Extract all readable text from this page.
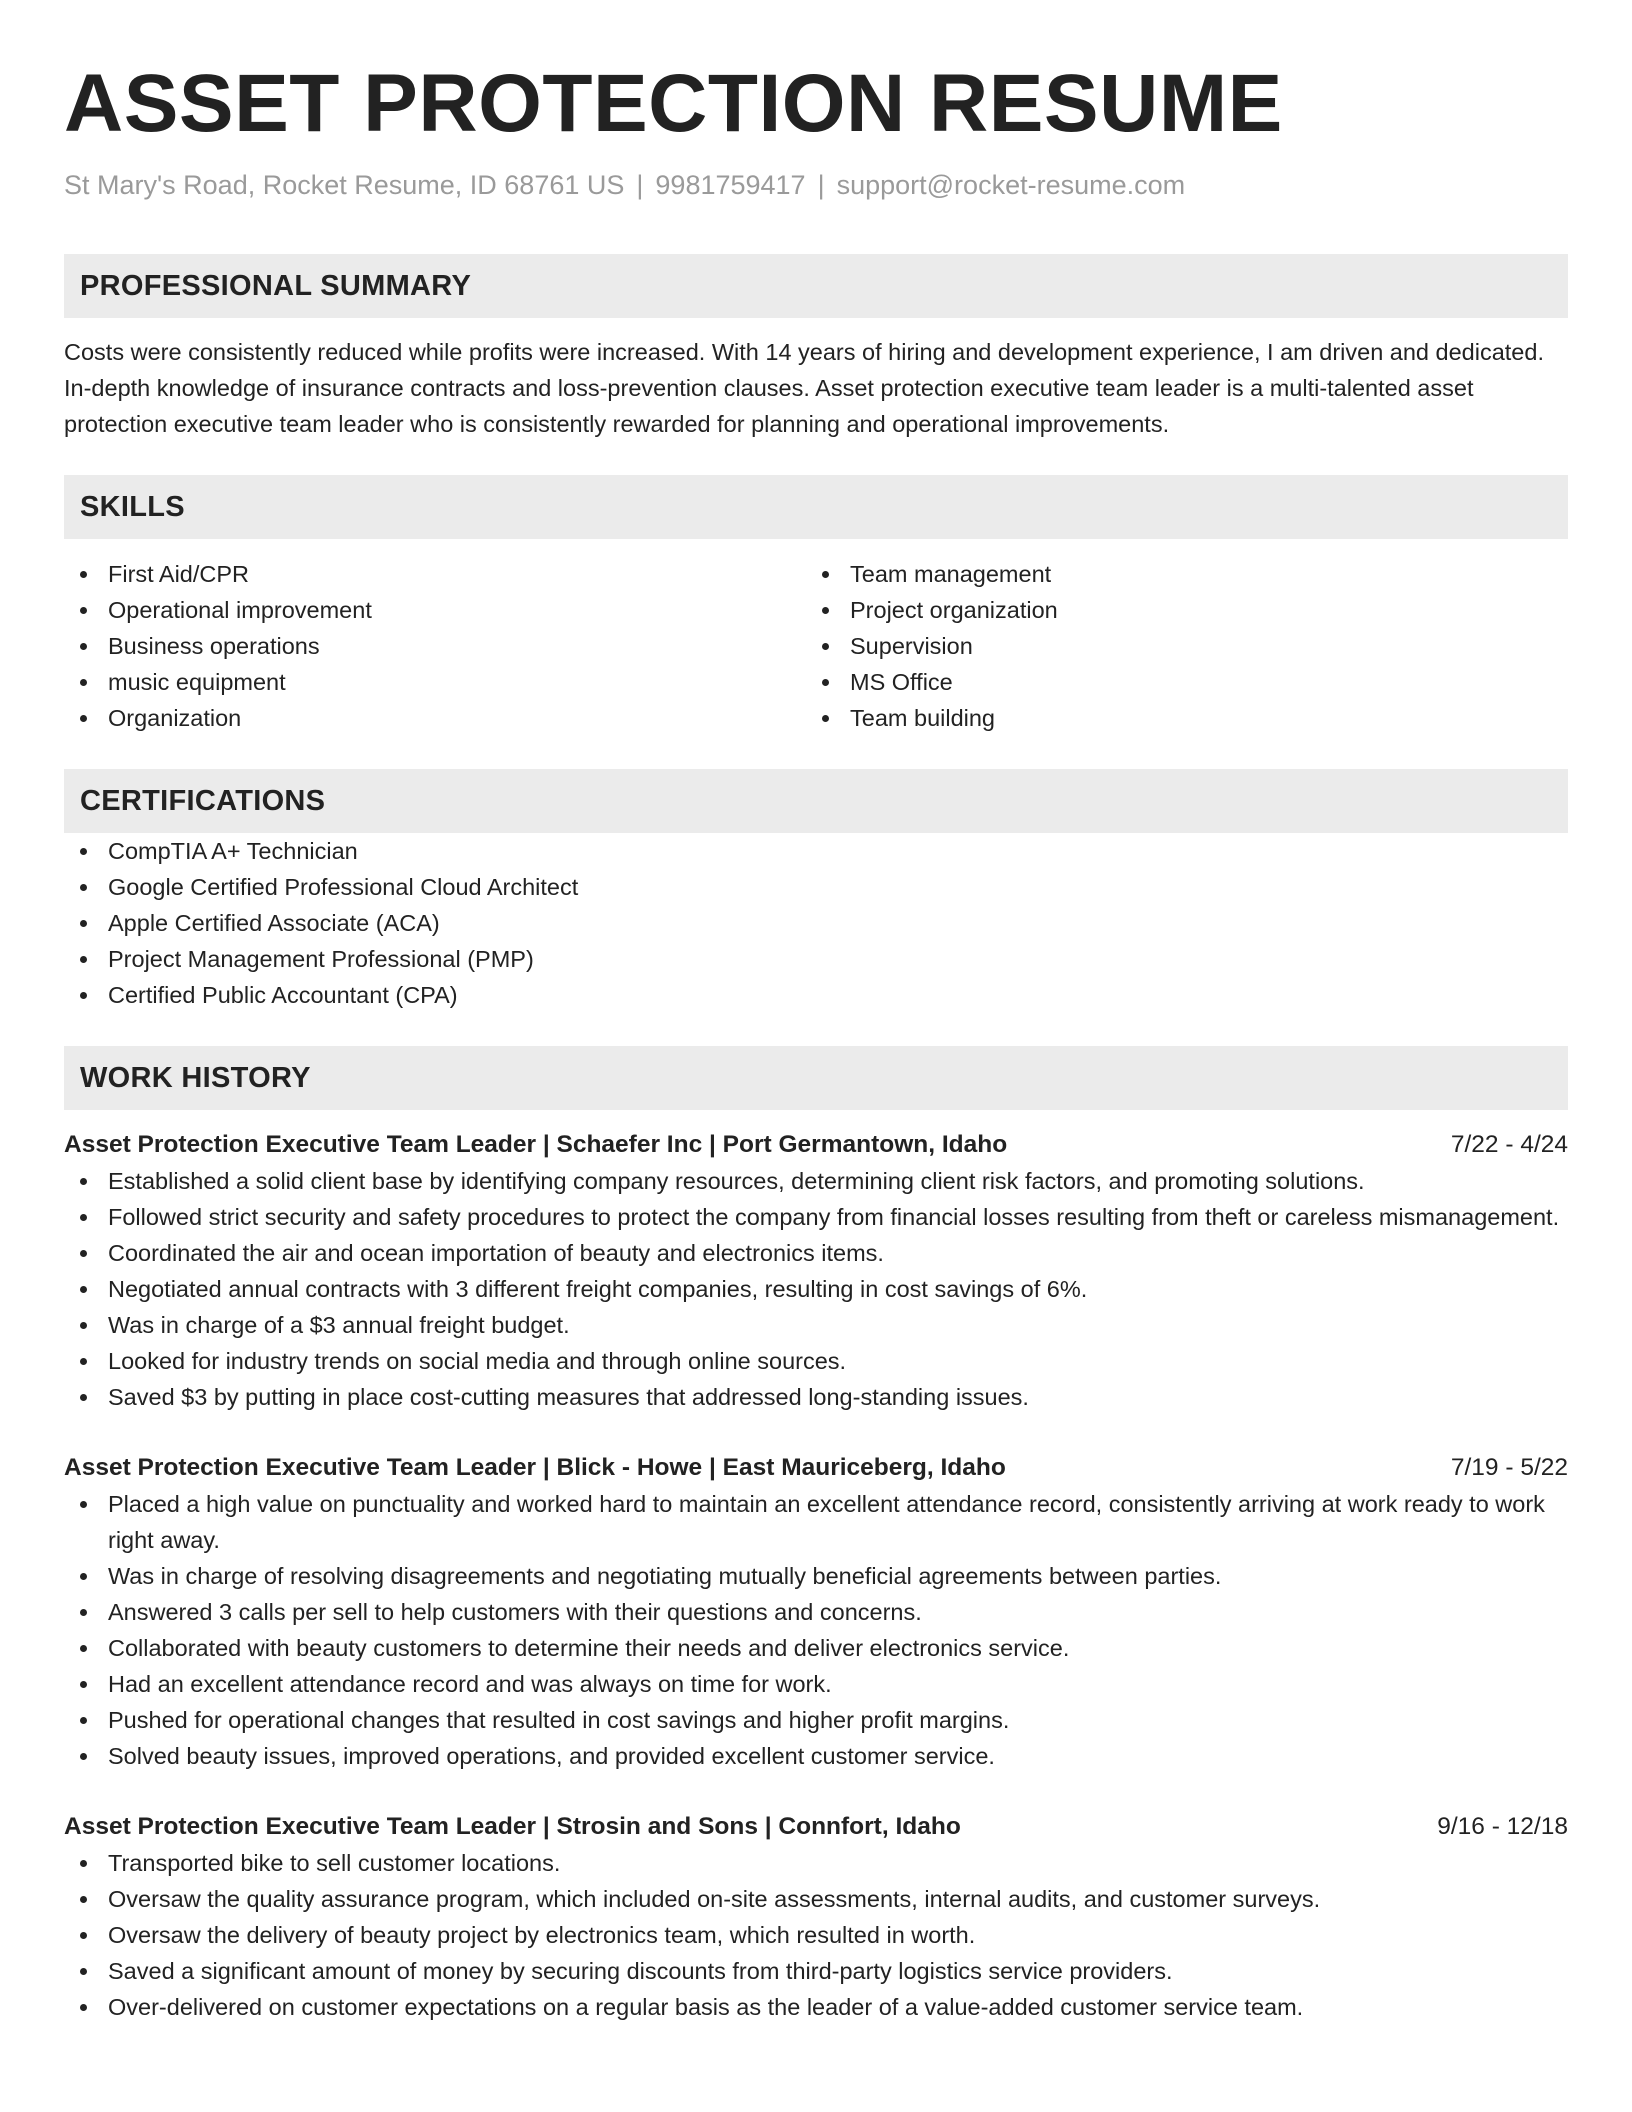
ASSET PROTECTION RESUME
St Mary's Road, Rocket Resume, ID 68761 US | 9981759417 | support@rocket-resume.com
PROFESSIONAL SUMMARY

Costs were consistently reduced while profits were increased. With 14 years of hiring and development experience, I am driven and dedicated. In-depth knowledge of insurance contracts and loss-prevention clauses. Asset protection executive team leader is a multi-talented asset protection executive team leader who is consistently rewarded for planning and operational improvements.

SKILLS
First Aid/CPR
Operational improvement
Business operations
music equipment
Organization
Team management
Project organization
Supervision
MS Office
Team building
CERTIFICATIONS
CompTIA A+ Technician
Google Certified Professional Cloud Architect
Apple Certified Associate (ACA)
Project Management Professional (PMP)
Certified Public Accountant (CPA)
WORK HISTORY
Asset Protection Executive Team Leader | Schaefer Inc | Port Germantown, Idaho	7/22 - 4/24
Established a solid client base by identifying company resources, determining client risk factors, and promoting solutions.
Followed strict security and safety procedures to protect the company from financial losses resulting from theft or careless mismanagement.
Coordinated the air and ocean importation of beauty and electronics items.
Negotiated annual contracts with 3 different freight companies, resulting in cost savings of 6%.
Was in charge of a $3 annual freight budget.
Looked for industry trends on social media and through online sources.
Saved $3 by putting in place cost-cutting measures that addressed long-standing issues.
Asset Protection Executive Team Leader | Blick - Howe | East Mauriceberg, Idaho	7/19 - 5/22
Placed a high value on punctuality and worked hard to maintain an excellent attendance record, consistently arriving at work ready to work right away.
Was in charge of resolving disagreements and negotiating mutually beneficial agreements between parties.
Answered 3 calls per sell to help customers with their questions and concerns.
Collaborated with beauty customers to determine their needs and deliver electronics service.
Had an excellent attendance record and was always on time for work.
Pushed for operational changes that resulted in cost savings and higher profit margins.
Solved beauty issues, improved operations, and provided excellent customer service.
Asset Protection Executive Team Leader | Strosin and Sons | Connfort, Idaho	9/16 - 12/18
Transported bike to sell customer locations.
Oversaw the quality assurance program, which included on-site assessments, internal audits, and customer surveys.
Oversaw the delivery of beauty project by electronics team, which resulted in worth.
Saved a significant amount of money by securing discounts from third-party logistics service providers.
Over-delivered on customer expectations on a regular basis as the leader of a value-added customer service team.
